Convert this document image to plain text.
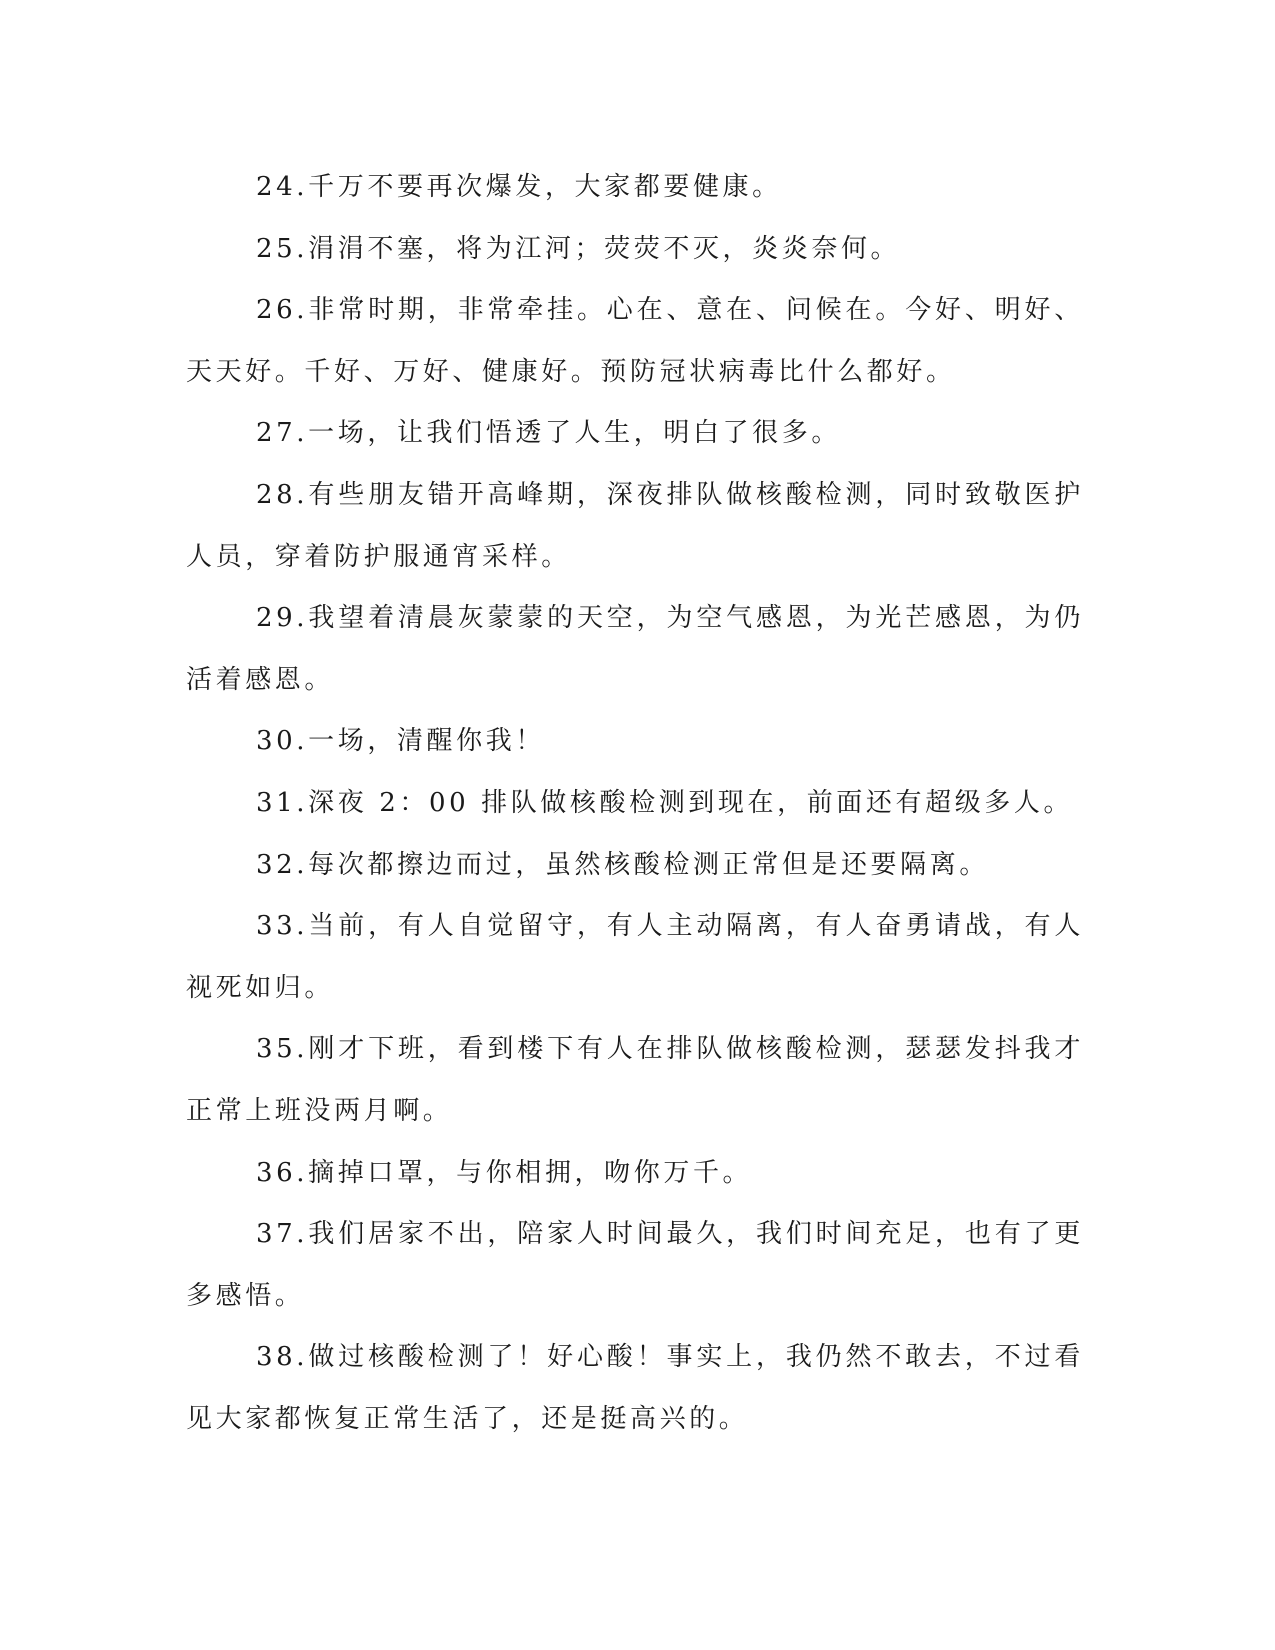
24.千万不要再次爆发，大家都要健康。

25.涓涓不塞，将为江河；荧荧不灭，炎炎奈何。

26.非常时期，非常牵挂。心在、意在、问候在。今好、明好、天天好。千好、万好、健康好。预防冠状病毒比什么都好。

27.一场，让我们悟透了人生，明白了很多。

28.有些朋友错开高峰期，深夜排队做核酸检测，同时致敬医护人员，穿着防护服通宵采样。

29.我望着清晨灰蒙蒙的天空，为空气感恩，为光芒感恩，为仍活着感恩。

30.一场，清醒你我！

31.深夜 2：00 排队做核酸检测到现在，前面还有超级多人。

32.每次都擦边而过，虽然核酸检测正常但是还要隔离。

33.当前，有人自觉留守，有人主动隔离，有人奋勇请战，有人视死如归。

35.刚才下班，看到楼下有人在排队做核酸检测，瑟瑟发抖我才正常上班没两月啊。

36.摘掉口罩，与你相拥，吻你万千。

37.我们居家不出，陪家人时间最久，我们时间充足，也有了更多感悟。

38.做过核酸检测了！好心酸！事实上，我仍然不敢去，不过看见大家都恢复正常生活了，还是挺高兴的。
